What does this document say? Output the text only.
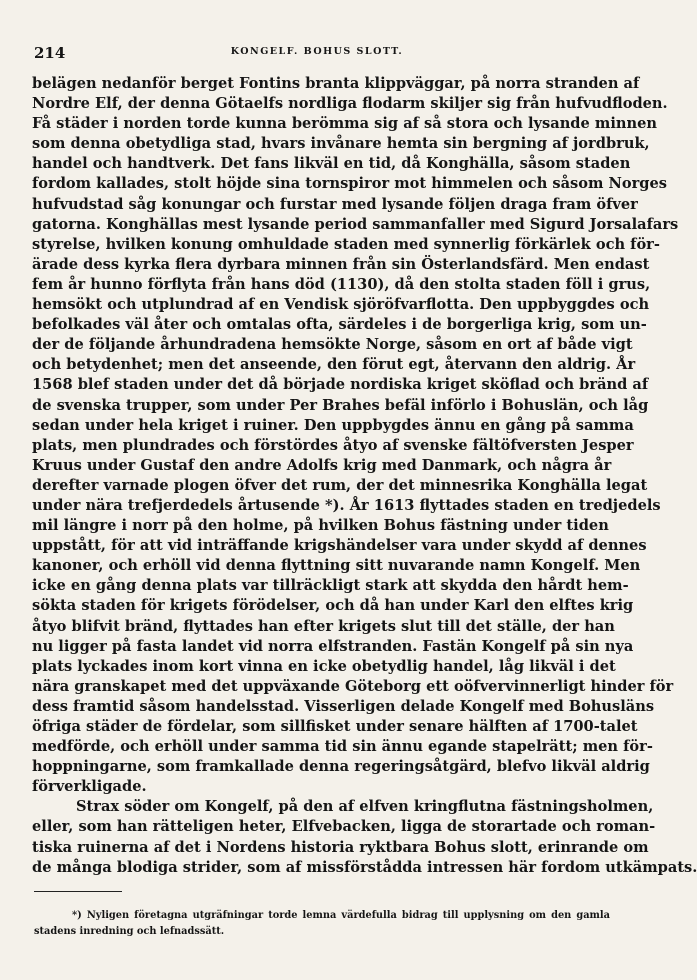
214	KONGELF. BOHUS SLOTT.
belägen nedanför berget Fontins branta klippväggar, på norra stranden af
Nordre Elf, der denna Götaelfs nordliga flodarm skiljer sig från hufvudfloden.
Få städer i norden torde kunna berömma sig af så stora och lysande minnen
som denna obetydliga stad, hvars invånare hemta sin bergning af jordbruk,
handel och handtverk. Det fans likväl en tid, då Konghälla, såsom staden
fordom kallades, stolt höjde sina tornspiror mot himmelen och såsom Norges
hufvudstad såg konungar och furstar med lysande följen draga fram öfver
gatorna. Konghällas mest lysande period sammanfaller med Sigurd Jorsalafars
styrelse, hvilken konung omhuldade staden med synnerlig förkärlek och för-
ärade dess kyrka flera dyrbara minnen från sin Österlandsfärd. Men endast
fem år hunno förflyta från hans död (1130), då den stolta staden föll i grus,
hemsökt och utplundrad af en Vendisk sjöröfvarflotta. Den uppbyggdes och
befolkades väl åter och omtalas ofta, särdeles i de borgerliga krig, som un-
der de följande århundradena hemsökte Norge, såsom en ort af både vigt
och betydenhet; men det anseende, den förut egt, återvann den aldrig. År
1568 blef staden under det då började nordiska kriget sköflad och bränd af
de svenska trupper, som under Per Brahes befäl införlo i Bohuslän, och låg
sedan under hela kriget i ruiner. Den uppbygdes ännu en gång på samma
plats, men plundrades och förstördes åtyo af svenske fältöfversten Jesper
Kruus under Gustaf den andre Adolfs krig med Danmark, och några år
derefter varnade plogen öfver det rum, der det minnesrika Konghälla legat
under nära trefjerdedels årtusende *). År 1613 flyttades staden en tredjedels
mil längre i norr på den holme, på hvilken Bohus fästning under tiden
uppstått, för att vid inträffande krigshändelser vara under skydd af dennes
kanoner, och erhöll vid denna flyttning sitt nuvarande namn Kongelf. Men
icke en gång denna plats var tillräckligt stark att skydda den hårdt hem-
sökta staden för krigets förödelser, och då han under Karl den elftes krig
åtyo blifvit bränd, flyttades han efter krigets slut till det ställe, der han
nu ligger på fasta landet vid norra elfstranden. Fastän Kongelf på sin nya
plats lyckades inom kort vinna en icke obetydlig handel, låg likväl i det
nära granskapet med det uppväxande Göteborg ett oöfvervinnerligt hinder för
dess framtid såsom handelsstad. Visserligen delade Kongelf med Bohusläns
öfriga städer de fördelar, som sillfisket under senare hälften af 1700-talet
medförde, och erhöll under samma tid sin ännu egande stapelrätt; men för-
hoppningarne, som framkallade denna regeringsåtgärd, blefvo likväl aldrig
förverkligade.
Strax söder om Kongelf, på den af elfven kringflutna fästningsholmen,
eller, som han rätteligen heter, Elfvebacken, ligga de storartade och roman-
tiska ruinerna af det i Nordens historia ryktbara Bohus slott, erinrande om
de många blodiga strider, som af missförstådda intressen här fordom utkämpats.
*) Nyligen företagna utgräfningar torde lemna värdefulla bidrag till upplysning om den gamla
stadens inredning och lefnadssätt.
